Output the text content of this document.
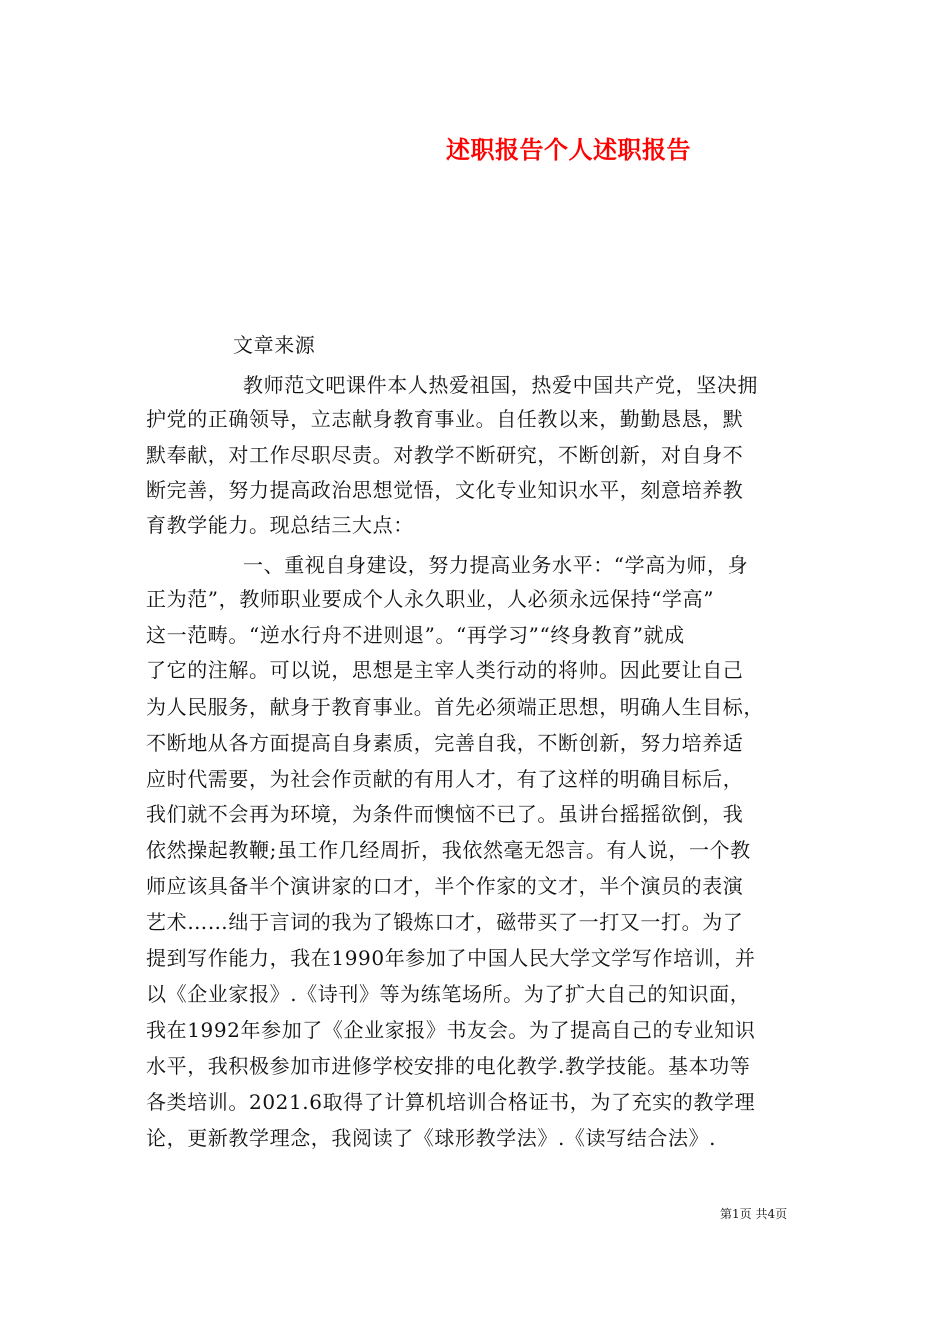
述职报告个人述职报告
文章来源
教师范文吧课件本人热爱祖国，热爱中国共产党，坚决拥
护党的正确领导，立志献身教育事业。自任教以来，勤勤恳恳，默
默奉献，对工作尽职尽责。对教学不断研究，不断创新，对自身不
断完善，努力提高政治思想觉悟，文化专业知识水平，刻意培养教
育教学能力。现总结三大点：
一、重视自身建设，努力提高业务水平：“学高为师，身
正为范”，教师职业要成个人永久职业，人必须永远保持“学高”
这一范畴。“逆水行舟不进则退”。“再学习”“终身教育”就成
了它的注解。可以说，思想是主宰人类行动的将帅。因此要让自己
为人民服务，献身于教育事业。首先必须端正思想，明确人生目标，
不断地从各方面提高自身素质，完善自我，不断创新，努力培养适
应时代需要，为社会作贡献的有用人才，有了这样的明确目标后，
我们就不会再为环境，为条件而懊恼不已了。虽讲台摇摇欲倒，我
依然操起教鞭;虽工作几经周折，我依然毫无怨言。有人说，一个教
师应该具备半个演讲家的口才，半个作家的文才，半个演员的表演
艺术……绌于言词的我为了锻炼口才，磁带买了一打又一打。为了
提到写作能力，我在1990年参加了中国人民大学文学写作培训，并
以《企业家报》.《诗刊》等为练笔场所。为了扩大自己的知识面，
我在1992年参加了《企业家报》书友会。为了提高自己的专业知识
水平，我积极参加市进修学校安排的电化教学.教学技能。基本功等
各类培训。2021.6取得了计算机培训合格证书，为了充实的教学理
论，更新教学理念，我阅读了《球形教学法》.《读写结合法》.
第1页 共4页
